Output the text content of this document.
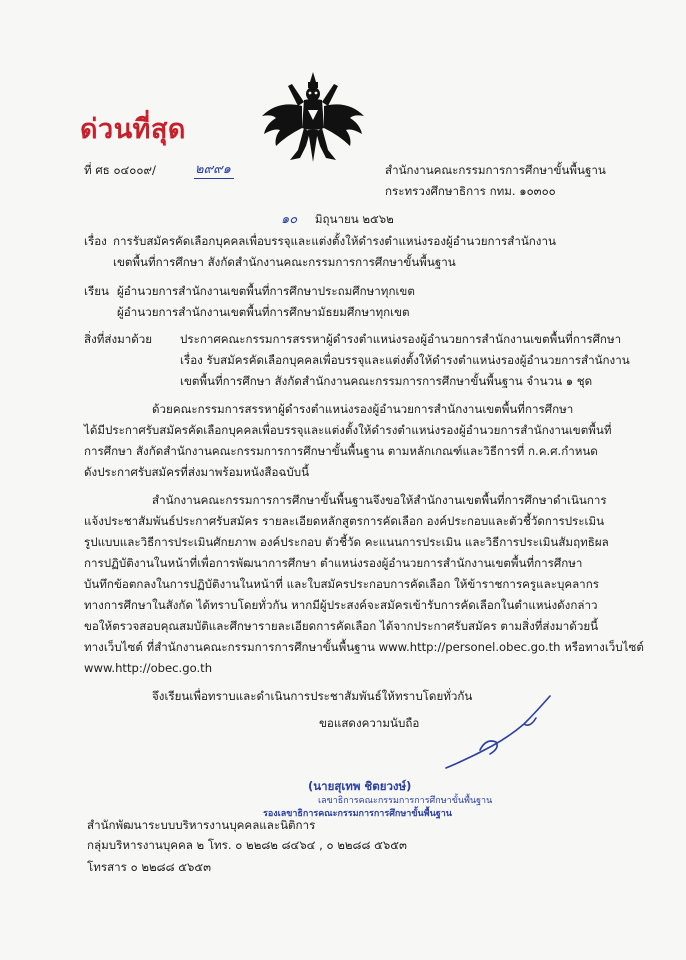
ด่วนที่สุด
ที่ ศธ ๐๔๐๐๙/	๒๙๙๑	สำนักงานคณะกรรมการการศึกษาขั้นพื้นฐาน
กระทรวงศึกษาธิการ กทม. ๑๐๓๐๐
๑๐ มิถุนายน ๒๕๖๒
เรื่อง การรับสมัครคัดเลือกบุคคลเพื่อบรรจุและแต่งตั้งให้ดำรงตำแหน่งรองผู้อำนวยการสำนักงาน
เขตพื้นที่การศึกษา สังกัดสำนักงานคณะกรรมการการศึกษาขั้นพื้นฐาน
เรียน ผู้อำนวยการสำนักงานเขตพื้นที่การศึกษาประถมศึกษาทุกเขต
ผู้อำนวยการสำนักงานเขตพื้นที่การศึกษามัธยมศึกษาทุกเขต
สิ่งที่ส่งมาด้วย ประกาศคณะกรรมการสรรหาผู้ดำรงตำแหน่งรองผู้อำนวยการสำนักงานเขตพื้นที่การศึกษา
เรื่อง รับสมัครคัดเลือกบุคคลเพื่อบรรจุและแต่งตั้งให้ดำรงตำแหน่งรองผู้อำนวยการสำนักงาน
เขตพื้นที่การศึกษา สังกัดสำนักงานคณะกรรมการการศึกษาขั้นพื้นฐาน จำนวน ๑ ชุด
ด้วยคณะกรรมการสรรหาผู้ดำรงตำแหน่งรองผู้อำนวยการสำนักงานเขตพื้นที่การศึกษา
ได้มีประกาศรับสมัครคัดเลือกบุคคลเพื่อบรรจุและแต่งตั้งให้ดำรงตำแหน่งรองผู้อำนวยการสำนักงานเขตพื้นที่
การศึกษา สังกัดสำนักงานคณะกรรมการการศึกษาขั้นพื้นฐาน ตามหลักเกณฑ์และวิธีการที่ ก.ค.ศ.กำหนด
ดังประกาศรับสมัครที่ส่งมาพร้อมหนังสือฉบับนี้
สำนักงานคณะกรรมการการศึกษาขั้นพื้นฐานจึงขอให้สำนักงานเขตพื้นที่การศึกษาดำเนินการ
แจ้งประชาสัมพันธ์ประกาศรับสมัคร รายละเอียดหลักสูตรการคัดเลือก องค์ประกอบและตัวชี้วัดการประเมิน
รูปแบบและวิธีการประเมินศักยภาพ องค์ประกอบ ตัวชี้วัด คะแนนการประเมิน และวิธีการประเมินสัมฤทธิผล
การปฏิบัติงานในหน้าที่เพื่อการพัฒนาการศึกษา ตำแหน่งรองผู้อำนวยการสำนักงานเขตพื้นที่การศึกษา
บันทึกข้อตกลงในการปฏิบัติงานในหน้าที่ และใบสมัครประกอบการคัดเลือก ให้ข้าราชการครูและบุคลากร
ทางการศึกษาในสังกัด ได้ทราบโดยทั่วกัน หากมีผู้ประสงค์จะสมัครเข้ารับการคัดเลือกในตำแหน่งดังกล่าว
ขอให้ตรวจสอบคุณสมบัติและศึกษารายละเอียดการคัดเลือก ได้จากประกาศรับสมัคร ตามสิ่งที่ส่งมาด้วยนี้
ทางเว็บไซต์ ที่สำนักงานคณะกรรมการการศึกษาขั้นพื้นฐาน www.http://personel.obec.go.th หรือทางเว็บไซต์
www.http://obec.go.th
จึงเรียนเพื่อทราบและดำเนินการประชาสัมพันธ์ให้ทราบโดยทั่วกัน
ขอแสดงความนับถือ
(นายสุเทพ ชิตยวงษ์)
เลขาธิการคณะกรรมการการศึกษาขั้นพื้นฐาน
รองเลขาธิการคณะกรรมการการศึกษาขั้นพื้นฐาน
สำนักพัฒนาระบบบริหารงานบุคคลและนิติการ
กลุ่มบริหารงานบุคคล ๒ โทร. ๐ ๒๒๘๒ ๘๔๖๔ , ๐ ๒๒๘๘ ๕๖๕๓
โทรสาร ๐ ๒๒๘๘ ๕๖๕๓
